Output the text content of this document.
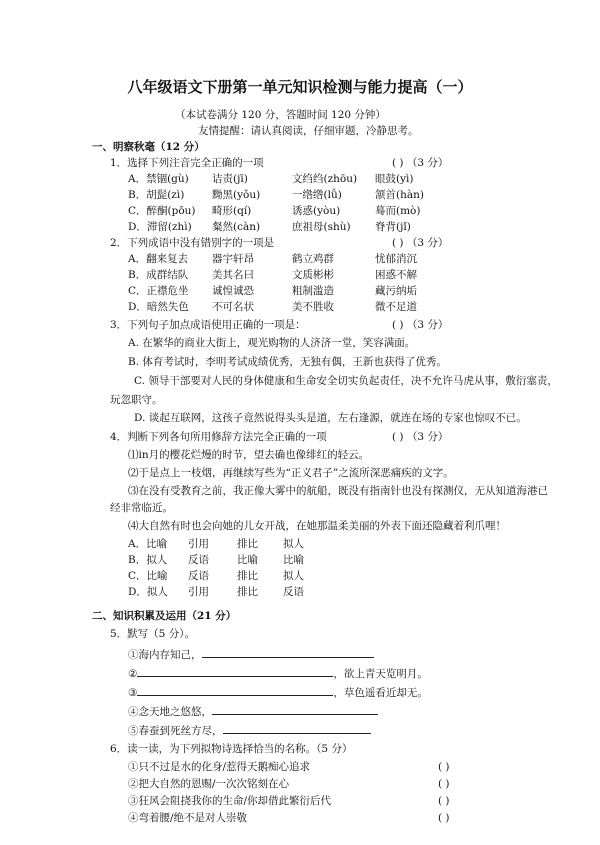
八年级语文下册第一单元知识检测与能力提高（一）
（本试卷满分 120 分，答题时间 120 分钟）
友情提醒：请认真阅读，仔细审题，冷静思考。
一、明察秋毫（12 分）
1．选择下列注音完全正确的一项	( ) （3 分）
A．禁锢(gù) 诘责(jī)	文绉绉(zhōu) 眼鼓(yì)
B．胡髭(zì)	黝黑(yǒu)	一绺绺(lǚ)	颔首(hàn)
C．醉酮(pōu) 畸形(qí)	诱惑(yòu)	蓦而(mò)
D．滞留(zhì) 粲然(càn)	庶祖母(shù) 脊背(jǐ)
2．下列成语中没有错别字的一项是	( ) （3 分）
A．翻来复去 器宇轩昂	鹤立鸡群	忧郁消沉
B．成群结队 美其名曰	文质彬彬	困惑不解
C．正襟危坐 诚惶诚恐	粗制滥造	藏污纳垢
D．暗然失色 不可名状	美不胜收	微不足道
3．下列句子加点成语使用正确的一项是：	( ) （3 分）
A. 在繁华的商业大街上，观光购物的人济济一堂，笑容满面。
B. 体育考试时，李明考试成绩优秀，无独有偶，王新也获得了优秀。
C. 领导干部要对人民的身体健康和生命安全切实负起责任，决不允许马虎从事，敷衍塞责，
玩忽职守。
D. 谈起互联网，这孩子竟然说得头头是道，左右逢源，就连在场的专家也惊叹不已。
4．判断下列各句所用修辞方法完全正确的一项	( ) （3 分）
⑴in月的樱花烂熳的时节，望去确也像绯红的轻云。
⑵于是点上一枝烟，再继续写些为“正义君子”之流所深恶痛疾的文字。
⑶在没有受教育之前，我正像大雾中的航船，既没有指南针也没有探测仪，无从知道海港已
经非常临近。
⑷大自然有时也会向她的儿女开战，在她那温柔美丽的外表下面还隐藏着利爪哩！
A．比喻 引用	排比 拟人
B．拟人 反语	比喻 比喻
C．比喻 反语	排比 拟人
D．拟人 引用	排比 反语
二、知识积累及运用（21 分）
5．默写（5 分）。
①海内存知己，
②	，欲上青天览明月。
③	，草色遥看近却无。
④念天地之悠悠，
⑤春蚕到死丝方尽，
6．读一读，为下列拟物诗选择恰当的名称。（5 分）
①只不过是水的化身/惹得天鹅痴心追求	( )
②把大自然的恩赐/一次次铭刻在心	( )
③狂风会阻挠我你的生命/你却借此繁衍后代	( )
④弯着腰/绝不是对人崇敬	( )
